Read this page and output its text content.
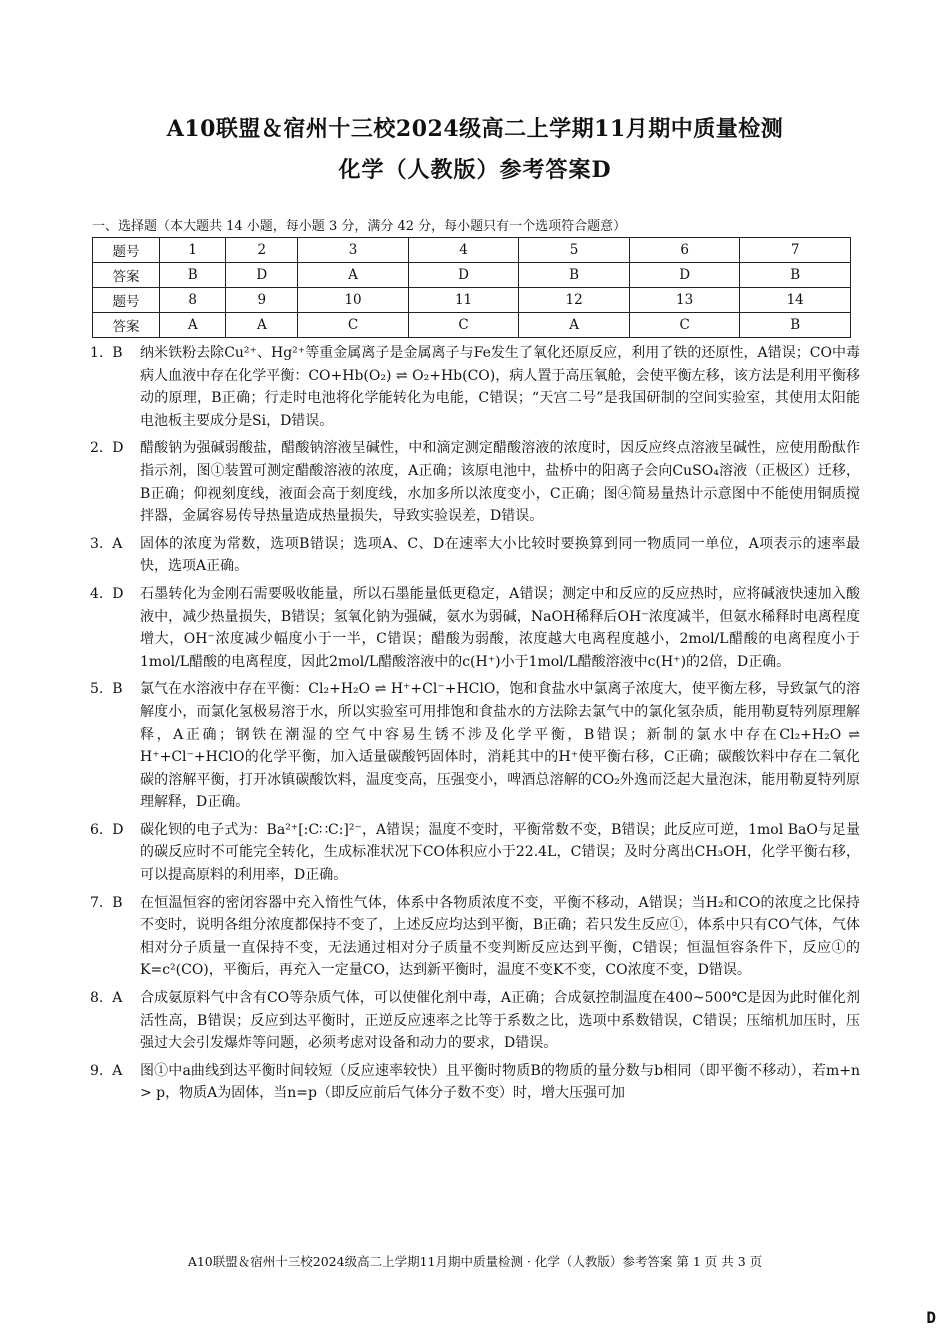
A10联盟＆宿州十三校2024级高二上学期11月期中质量检测
化学（人教版）参考答案D
一、选择题（本大题共 14 小题，每小题 3 分，满分 42 分，每小题只有一个选项符合题意）
题号	1	2	3	4	5	6	7
答案	B	D	A	D	B	D	B
题号	8	9	10	11	12	13	14
答案	A	A	C	C	A	C	B
1.  B	纳米铁粉去除Cu²⁺、Hg²⁺等重金属离子是金属离子与Fe发生了氧化还原反应，利用了铁的还原性，A错误；CO中毒病人血液中存在化学平衡：CO+Hb(O₂) ⇌ O₂+Hb(CO)，病人置于高压氧舱，会使平衡左移，该方法是利用平衡移动的原理，B正确；行走时电池将化学能转化为电能，C错误；“天宫二号”是我国研制的空间实验室，其使用太阳能电池板主要成分是Si，D错误。
2.  D	醋酸钠为强碱弱酸盐，醋酸钠溶液呈碱性，中和滴定测定醋酸溶液的浓度时，因反应终点溶液呈碱性，应使用酚酞作指示剂，图①装置可测定醋酸溶液的浓度，A正确；该原电池中，盐桥中的阳离子会向CuSO₄溶液（正极区）迁移，B正确；仰视刻度线，液面会高于刻度线，水加多所以浓度变小，C正确；图④简易量热计示意图中不能使用铜质搅拌器，金属容易传导热量造成热量损失，导致实验误差，D错误。
3.  A	固体的浓度为常数，选项B错误；选项A、C、D在速率大小比较时要换算到同一物质同一单位，A项表示的速率最快，选项A正确。
4.  D	石墨转化为金刚石需要吸收能量，所以石墨能量低更稳定，A错误；测定中和反应的反应热时，应将碱液快速加入酸液中，减少热量损失，B错误；氢氧化钠为强碱，氨水为弱碱，NaOH稀释后OH⁻浓度减半，但氨水稀释时电离程度增大，OH⁻浓度减少幅度小于一半，C错误；醋酸为弱酸，浓度越大电离程度越小，2mol/L醋酸的电离程度小于1mol/L醋酸的电离程度，因此2mol/L醋酸溶液中的c(H⁺)小于1mol/L醋酸溶液中c(H⁺)的2倍，D正确。
5.  B	氯气在水溶液中存在平衡：Cl₂+H₂O ⇌ H⁺+Cl⁻+HClO，饱和食盐水中氯离子浓度大，使平衡左移，导致氯气的溶解度小，而氯化氢极易溶于水，所以实验室可用排饱和食盐水的方法除去氯气中的氯化氢杂质，能用勒夏特列原理解释，A正确；钢铁在潮湿的空气中容易生锈不涉及化学平衡，B错误；新制的氯水中存在Cl₂+H₂O ⇌ H⁺+Cl⁻+HClO的化学平衡，加入适量碳酸钙固体时，消耗其中的H⁺使平衡右移，C正确；碳酸饮料中存在二氧化碳的溶解平衡，打开冰镇碳酸饮料，温度变高，压强变小，啤酒总溶解的CO₂外逸而泛起大量泡沫，能用勒夏特列原理解释，D正确。
6.  D	碳化钡的电子式为：Ba²⁺[:C∷C:]²⁻，A错误；温度不变时，平衡常数不变，B错误；此反应可逆，1mol BaO与足量的碳反应时不可能完全转化，生成标准状况下CO体积应小于22.4L，C错误；及时分离出CH₃OH，化学平衡右移，可以提高原料的利用率，D正确。
7.  B	在恒温恒容的密闭容器中充入惰性气体，体系中各物质浓度不变，平衡不移动，A错误；当H₂和CO的浓度之比保持不变时，说明各组分浓度都保持不变了，上述反应均达到平衡，B正确；若只发生反应①，体系中只有CO气体，气体相对分子质量一直保持不变，无法通过相对分子质量不变判断反应达到平衡，C错误；恒温恒容条件下，反应①的K=c²(CO)，平衡后，再充入一定量CO，达到新平衡时，温度不变K不变，CO浓度不变，D错误。
8.  A	合成氨原料气中含有CO等杂质气体，可以使催化剂中毒，A正确；合成氨控制温度在400~500℃是因为此时催化剂活性高，B错误；反应到达平衡时，正逆反应速率之比等于系数之比，选项中系数错误，C错误；压缩机加压时，压强过大会引发爆炸等问题，必须考虑对设备和动力的要求，D错误。
9.  A	图①中a曲线到达平衡时间较短（反应速率较快）且平衡时物质B的物质的量分数与b相同（即平衡不移动），若m+n > p，物质A为固体，当n=p（即反应前后气体分子数不变）时，增大压强可加
A10联盟＆宿州十三校2024级高二上学期11月期中质量检测 · 化学（人教版）参考答案 第 1 页 共 3 页
D
